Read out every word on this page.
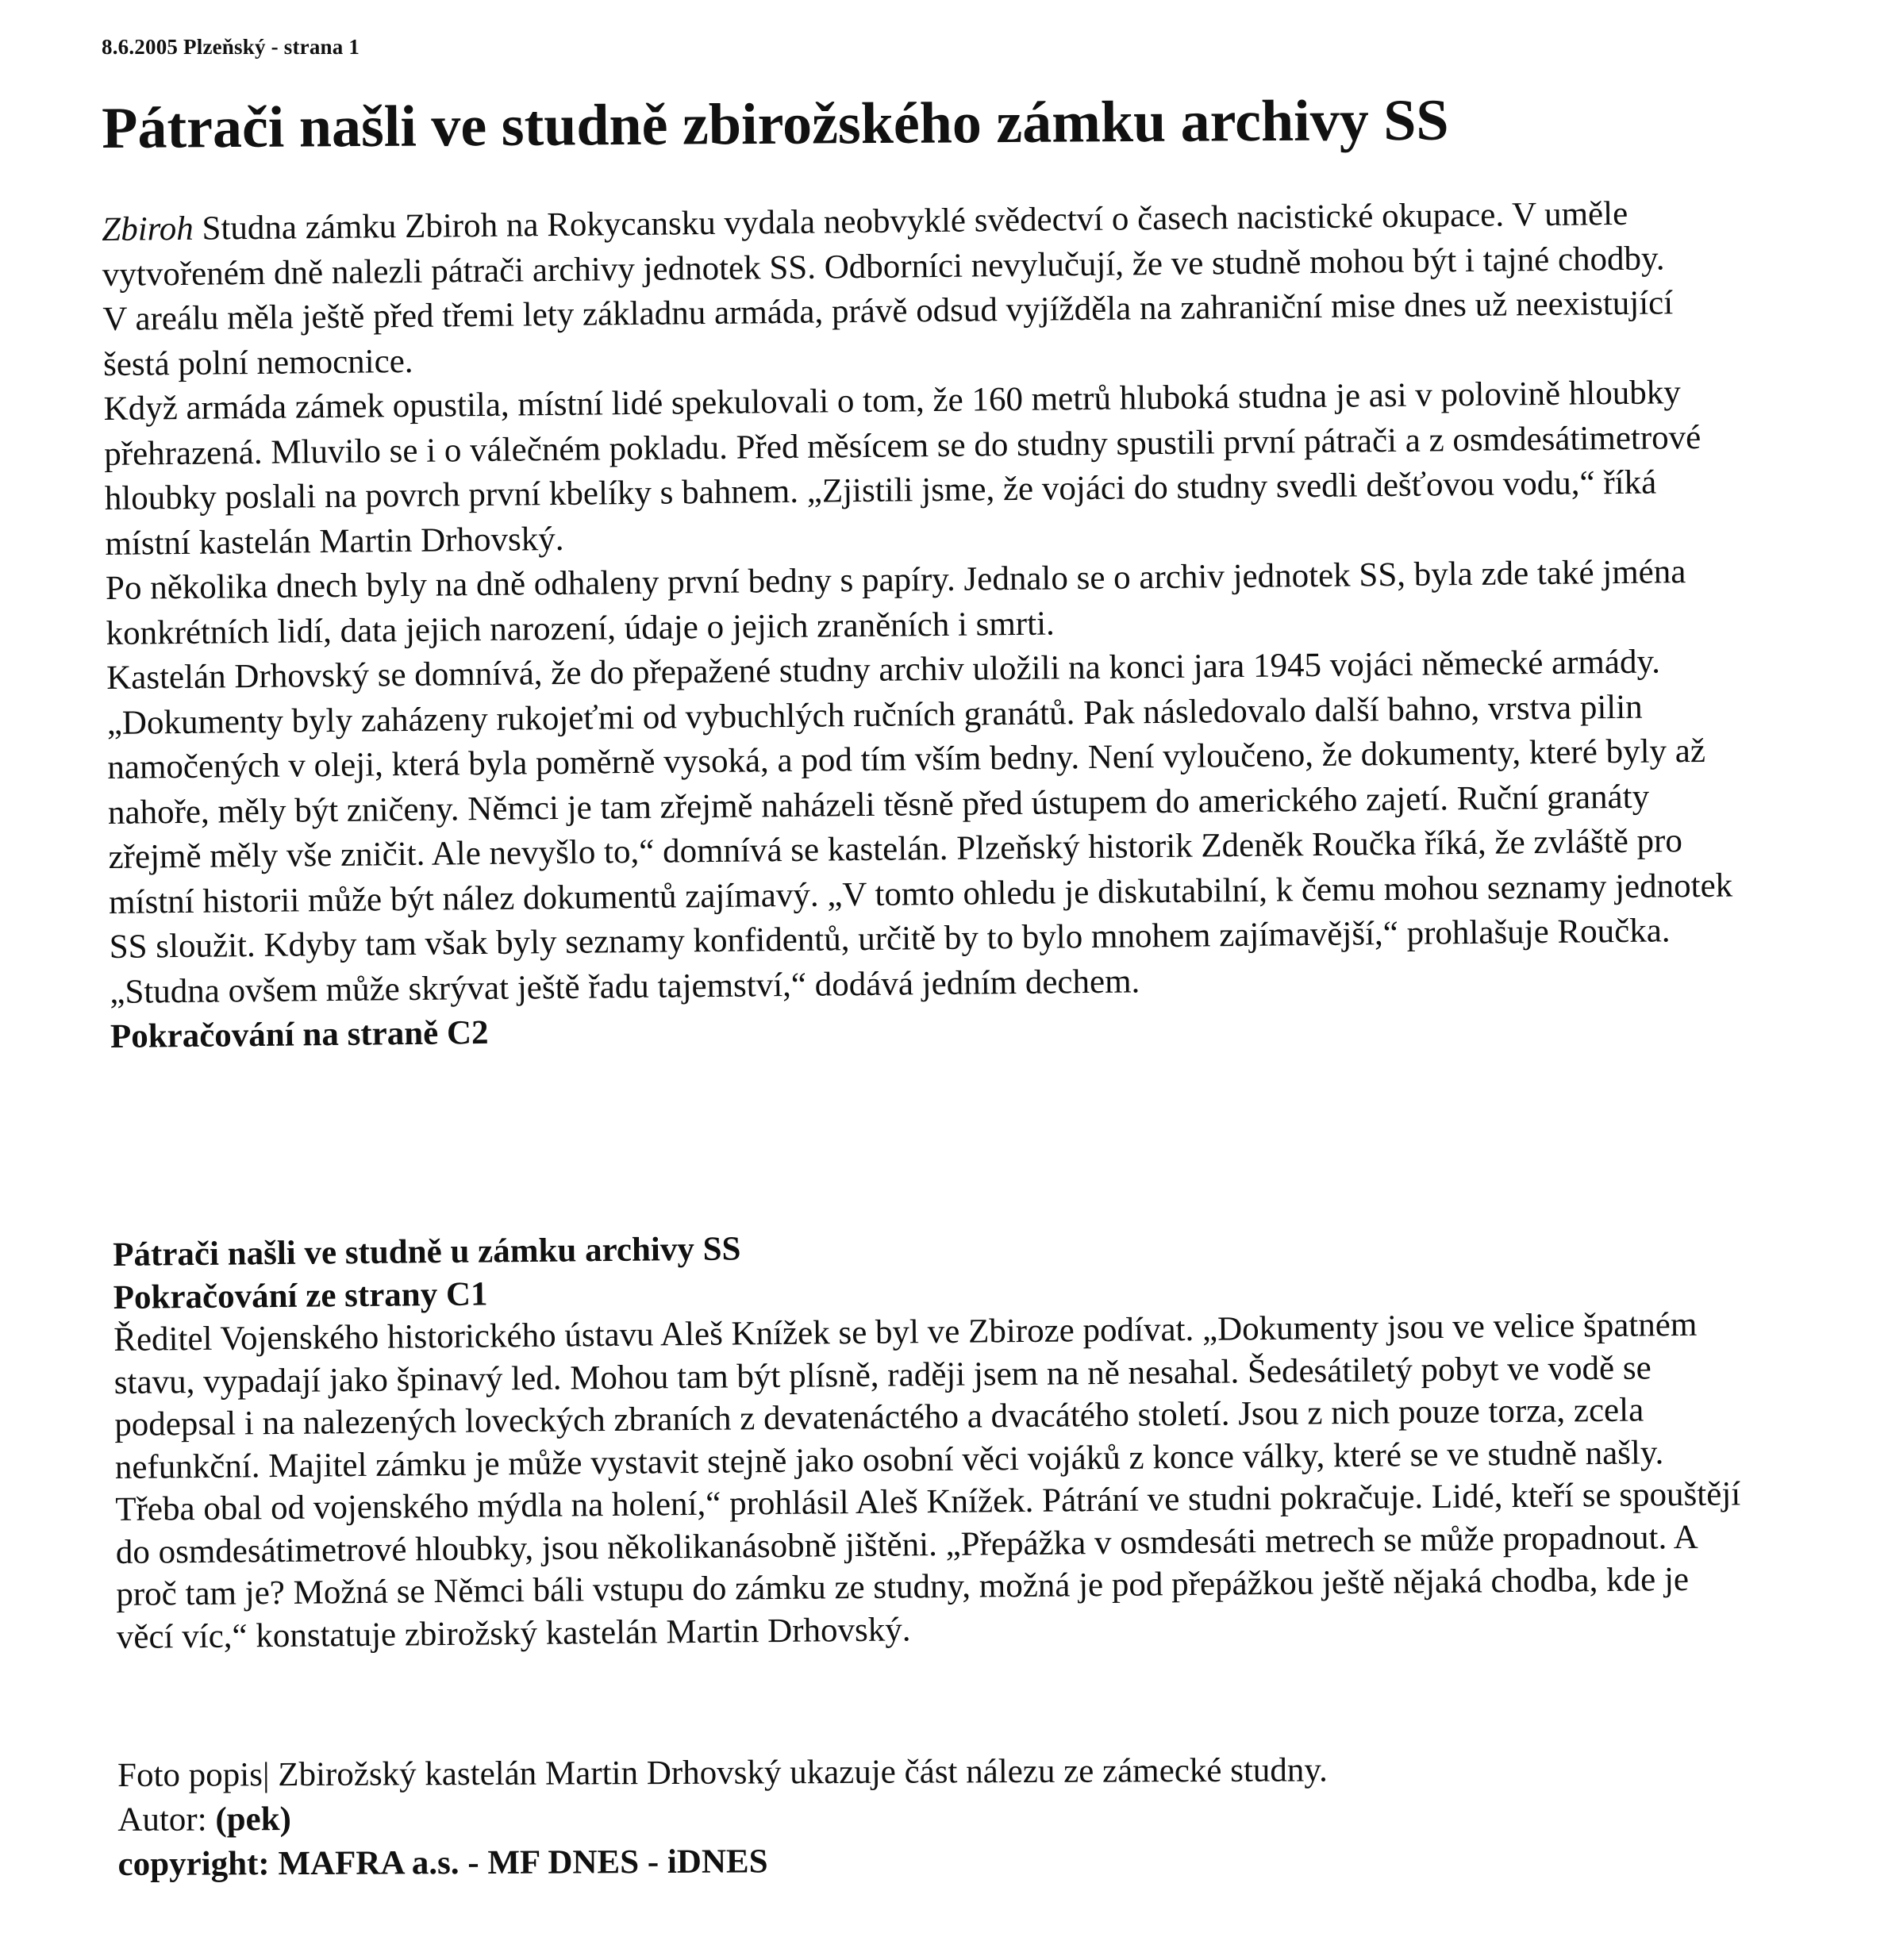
8.6.2005 Plzeňský - strana 1
Pátrači našli ve studně zbirožského zámku archivy SS

Zbiroh Studna zámku Zbiroh na Rokycansku vydala neobvyklé svědectví o časech nacistické okupace. V uměle vytvořeném dně nalezli pátrači archivy jednotek SS. Odborníci nevylučují, že ve studně mohou být i tajné chodby.

V areálu měla ještě před třemi lety základnu armáda, právě odsud vyjížděla na zahraniční mise dnes už neexistující šestá polní nemocnice.

Když armáda zámek opustila, místní lidé spekulovali o tom, že 160 metrů hluboká studna je asi v polovině hloubky přehrazená. Mluvilo se i o válečném pokladu. Před měsícem se do studny spustili první pátrači a z osmdesátimetrové hloubky poslali na povrch první kbelíky s bahnem. „Zjistili jsme, že vojáci do studny svedli dešťovou vodu,“ říká místní kastelán Martin Drhovský.

Po několika dnech byly na dně odhaleny první bedny s papíry. Jednalo se o archiv jednotek SS, byla zde také jména konkrétních lidí, data jejich narození, údaje o jejich zraněních i smrti.

Kastelán Drhovský se domnívá, že do přepažené studny archiv uložili na konci jara 1945 vojáci německé armády. „Dokumenty byly zaházeny rukojeťmi od vybuchlých ručních granátů. Pak následovalo další bahno, vrstva pilin namočených v oleji, která byla poměrně vysoká, a pod tím vším bedny. Není vyloučeno, že dokumenty, které byly až nahoře, měly být zničeny. Němci je tam zřejmě naházeli těsně před ústupem do amerického zajetí. Ruční granáty zřejmě měly vše zničit. Ale nevyšlo to,“ domnívá se kastelán. Plzeňský historik Zdeněk Roučka říká, že zvláště pro místní historii může být nález dokumentů zajímavý. „V tomto ohledu je diskutabilní, k čemu mohou seznamy jednotek SS sloužit. Kdyby tam však byly seznamy konfidentů, určitě by to bylo mnohem zajímavější,“ prohlašuje Roučka. „Studna ovšem může skrývat ještě řadu tajemství,“ dodává jedním dechem.

Pokračování na straně C2

Pátrači našli ve studně u zámku archivy SS

Pokračování ze strany C1

Ředitel Vojenského historického ústavu Aleš Knížek se byl ve Zbiroze podívat. „Dokumenty jsou ve velice špatném stavu, vypadají jako špinavý led. Mohou tam být plísně, raději jsem na ně nesahal. Šedesátiletý pobyt ve vodě se podepsal i na nalezených loveckých zbraních z devatenáctého a dvacátého století. Jsou z nich pouze torza, zcela nefunkční. Majitel zámku je může vystavit stejně jako osobní věci vojáků z konce války, které se ve studně našly. Třeba obal od vojenského mýdla na holení,“ prohlásil Aleš Knížek. Pátrání ve studni pokračuje. Lidé, kteří se spouštějí do osmdesátimetrové hloubky, jsou několikanásobně jištěni. „Přepážka v osmdesáti metrech se může propadnout. A proč tam je? Možná se Němci báli vstupu do zámku ze studny, možná je pod přepážkou ještě nějaká chodba, kde je věcí víc,“ konstatuje zbirožský kastelán Martin Drhovský.

Foto popis| Zbirožský kastelán Martin Drhovský ukazuje část nálezu ze zámecké studny.

Autor: (pek)

copyright: MAFRA a.s. - MF DNES - iDNES
